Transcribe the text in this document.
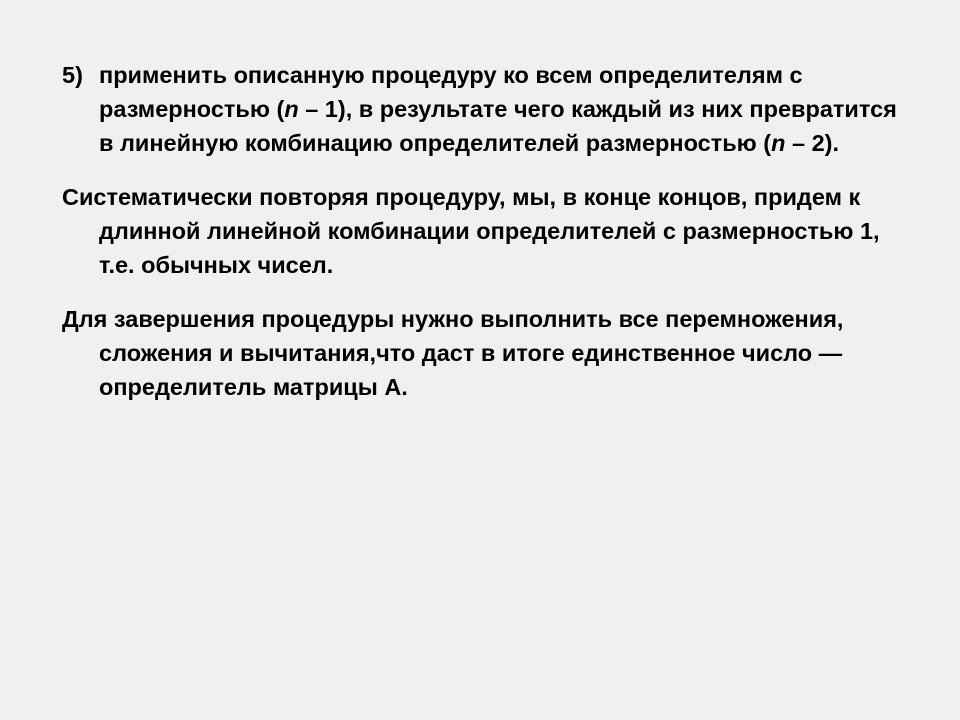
5) применить описанную процедуру ко всем определителям с размерностью (n – 1), в результате чего каждый из них превратится в линейную комбинацию определителей размерностью (n – 2).

Систематически повторяя процедуру, мы, в конце концов, придем к длинной линейной комбинации определителей с размерностью 1, т.е. обычных чисел.

Для завершения процедуры нужно выполнить все перемножения, сложения и вычитания,что даст в итоге единственное число — определитель матрицы А.
